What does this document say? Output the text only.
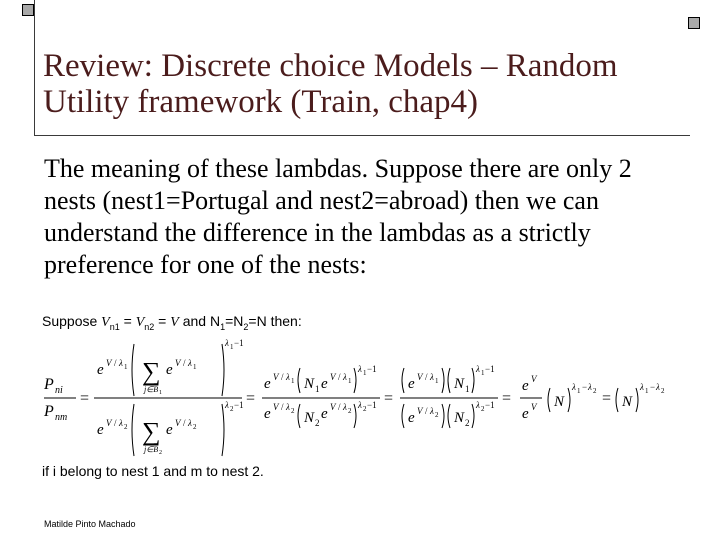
Review: Discrete choice Models – Random Utility framework (Train, chap4)
The meaning of these lambdas. Suppose there are only 2 nests (nest1=Portugal and nest2=abroad) then we can understand the difference in the lambdas as a strictly preference for one of the nests:
Suppose $V_{n1} = V_{n2} = V$ and $N_1=N_2=N$ then:
P ni
P nm
=
e V / λ 1 ∑
j∈B 1
e V / λ 1
λ 1 −1
e V / λ 2 ∑
j∈B 2
e V / λ 2
λ 2 −1 =
e V / λ 1 N 1 e V / λ 1
λ 1 −1
e V / λ 2 N 2
e V / λ 2
λ 2 −1 =
e V / λ 1 N 1
λ 1 −1
e V / λ 2 N 2
λ 2 −1 =
e V
e V N
λ 1 − λ 2 = N
λ 1 − λ 2
if i belong to nest 1 and m to nest 2.
Matilde Pinto Machado
